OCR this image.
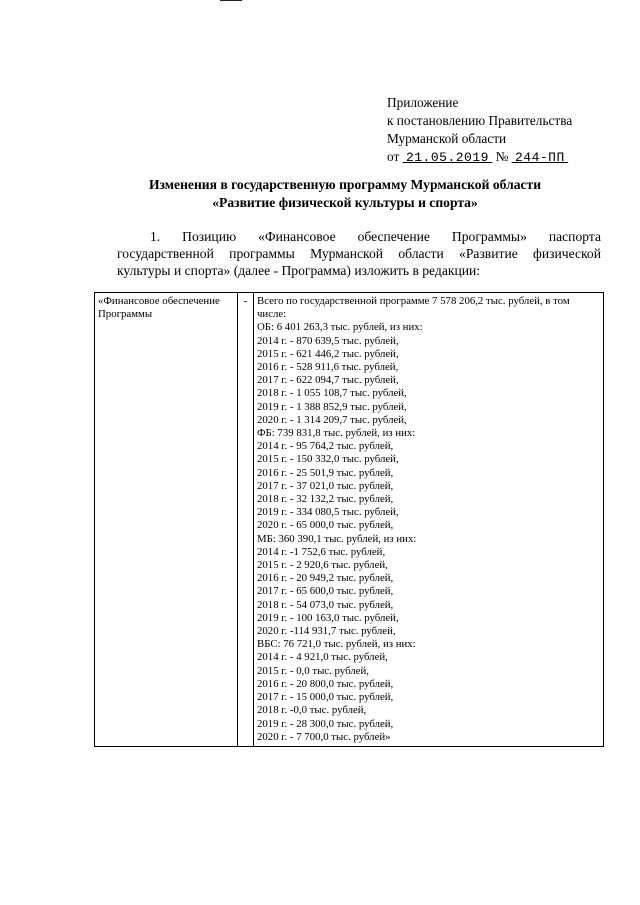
Приложение
к постановлению Правительства
Мурманской области
от 21.05.2019 № 244-ПП
Изменения в государственную программу Мурманской области
«Развитие физической культуры и спорта»
1. Позицию «Финансовое обеспечение Программы» паспорта
государственной программы Мурманской области «Развитие физической
культуры и спорта» (далее - Программа) изложить в редакции:
«Финансовое обеспечение Программы	-	Всего по государственной программе 7 578 206,2 тыс. рублей, в том числе:
ОБ: 6 401 263,3 тыс. рублей, из них:
2014 г. - 870 639,5 тыс. рублей,
2015 г. - 621 446,2 тыс. рублей,
2016 г. - 528 911,6 тыс. рублей,
2017 г. - 622 094,7 тыс. рублей,
2018 г. - 1 055 108,7 тыс. рублей,
2019 г. - 1 388 852,9 тыс. рублей,
2020 г. - 1 314 209,7 тыс. рублей,
ФБ: 739 831,8 тыс. рублей, из них:
2014 г. - 95 764,2 тыс. рублей,
2015 г. - 150 332,0 тыс. рублей,
2016 г. - 25 501,9 тыс. рублей,
2017 г. - 37 021,0 тыс. рублей,
2018 г. - 32 132,2 тыс. рублей,
2019 г. - 334 080,5 тыс. рублей,
2020 г. - 65 000,0 тыс. рублей,
МБ: 360 390,1 тыс. рублей, из них:
2014 г. -1 752,6 тыс. рублей,
2015 г. - 2 920,6 тыс. рублей,
2016 г. - 20 949,2 тыс. рублей,
2017 г. - 65 600,0 тыс. рублей,
2018 г. - 54 073,0 тыс. рублей,
2019 г. - 100 163,0 тыс. рублей,
2020 г. -114 931,7 тыс. рублей,
ВБС: 76 721,0 тыс. рублей, из них:
2014 г. - 4 921,0 тыс. рублей,
2015 г. - 0,0 тыс. рублей,
2016 г. - 20 800,0 тыс. рублей,
2017 г. - 15 000,0 тыс. рублей,
2018 г. -0,0 тыс. рублей,
2019 г. - 28 300,0 тыс. рублей,
2020 г. - 7 700,0 тыс. рублей»
